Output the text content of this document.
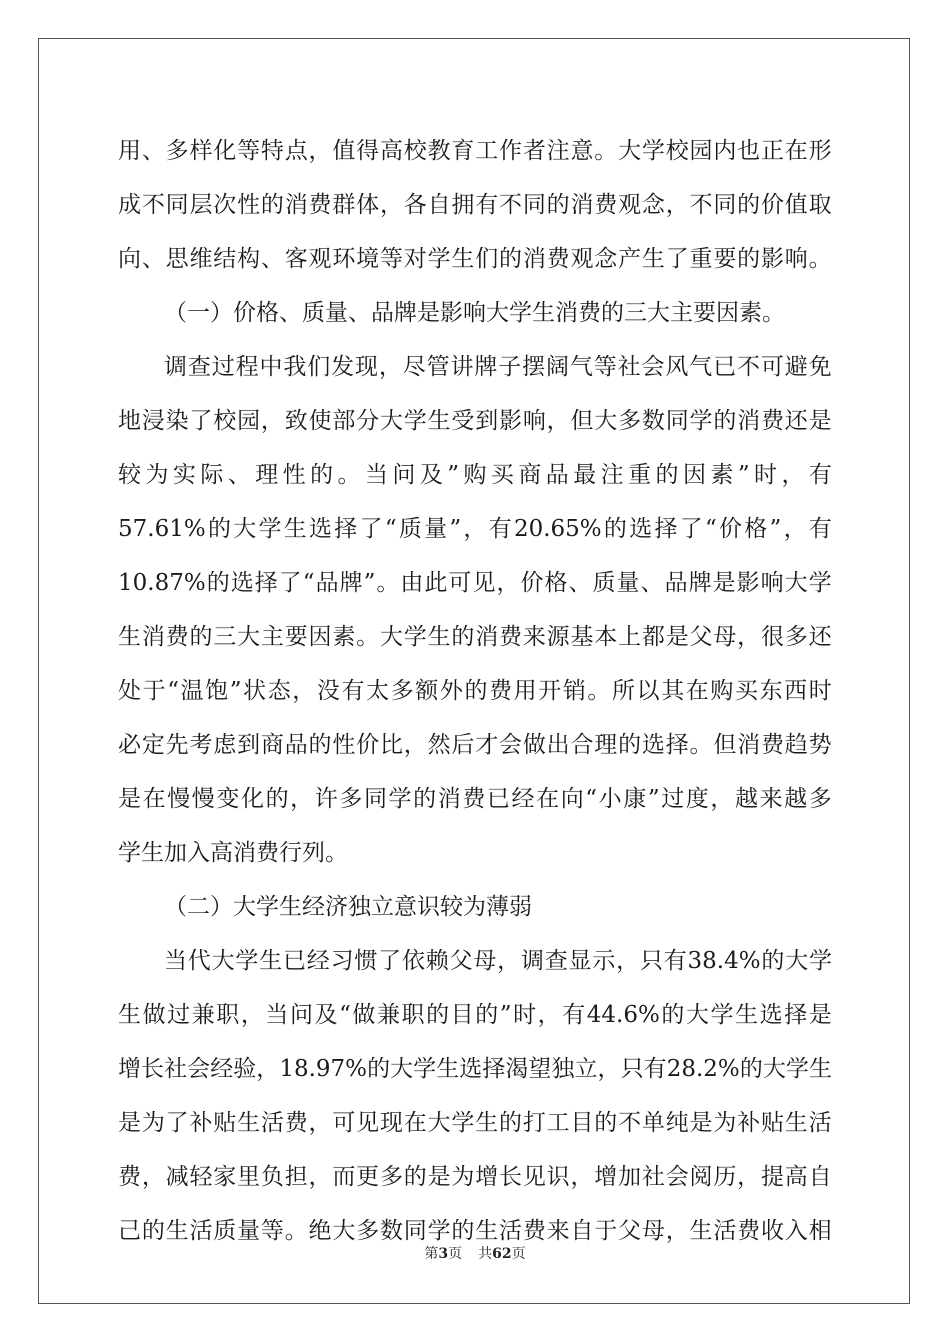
用 、 多 样 化 等 特 点 ， 值 得 高 校 教 育 工 作 者 注 意 。 大 学 校 园 内 也 正 在 形
成 不 同 层 次 性 的 消 费 群 体 ， 各 自 拥 有 不 同 的 消 费 观 念 ， 不 同 的 价 值 取
向 、 思 维 结 构 、 客 观 环 境 等 对 学 生 们 的 消 费 观 念 产 生 了 重 要 的 影 响 。
（一）价格、质量、品牌是影响大学生消费的三大主要因素。
调 查 过 程 中 我 们 发 现 ， 尽 管 讲 牌 子 摆 阔 气 等 社 会 风 气 已 不 可 避 免
地 浸 染 了 校 园 ， 致 使 部 分 大 学 生 受 到 影 响 ， 但 大 多 数 同 学 的 消 费 还 是
较 为 实 际 、 理 性 的 。 当 问 及 ” 购 买 商 品 最 注 重 的 因 素 ” 时 ， 有
57.61% 的 大 学 生 选 择 了 “ 质 量 ” ， 有 20.65% 的 选 择 了 “ 价 格 ” ， 有
10.87% 的 选 择 了 “ 品 牌 ” 。 由 此 可 见 ， 价 格 、 质 量 、 品 牌 是 影 响 大 学
生 消 费 的 三 大 主 要 因 素 。 大 学 生 的 消 费 来 源 基 本 上 都 是 父 母 ， 很 多 还
处 于 “ 温 饱 ” 状 态 ， 没 有 太 多 额 外 的 费 用 开 销 。 所 以 其 在 购 买 东 西 时
必 定 先 考 虑 到 商 品 的 性 价 比 ， 然 后 才 会 做 出 合 理 的 选 择 。 但 消 费 趋 势
是 在 慢 慢 变 化 的 ， 许 多 同 学 的 消 费 已 经 在 向 “ 小 康 ” 过 度 ， 越 来 越 多
学生加入高消费行列。
（二）大学生经济独立意识较为薄弱
当 代 大 学 生 已 经 习 惯 了 依 赖 父 母 ， 调 查 显 示 ， 只 有 38.4% 的 大 学
生 做 过 兼 职 ， 当 问 及 “ 做 兼 职 的 目 的 ” 时 ， 有 44.6% 的 大 学 生 选 择 是
增 长 社 会 经 验 ， 18.97% 的 大 学 生 选 择 渴 望 独 立 ， 只 有 28.2% 的 大 学 生
是 为 了 补 贴 生 活 费 ， 可 见 现 在 大 学 生 的 打 工 目 的 不 单 纯 是 为 补 贴 生 活
费 ， 减 轻 家 里 负 担 ， 而 更 多 的 是 为 增 长 见 识 ， 增 加 社 会 阅 历 ， 提 高 自
己 的 生 活 质 量 等 。 绝 大 多 数 同 学 的 生 活 费 来 自 于 父 母 ， 生 活 费 收 入 相
第3页 共62页
